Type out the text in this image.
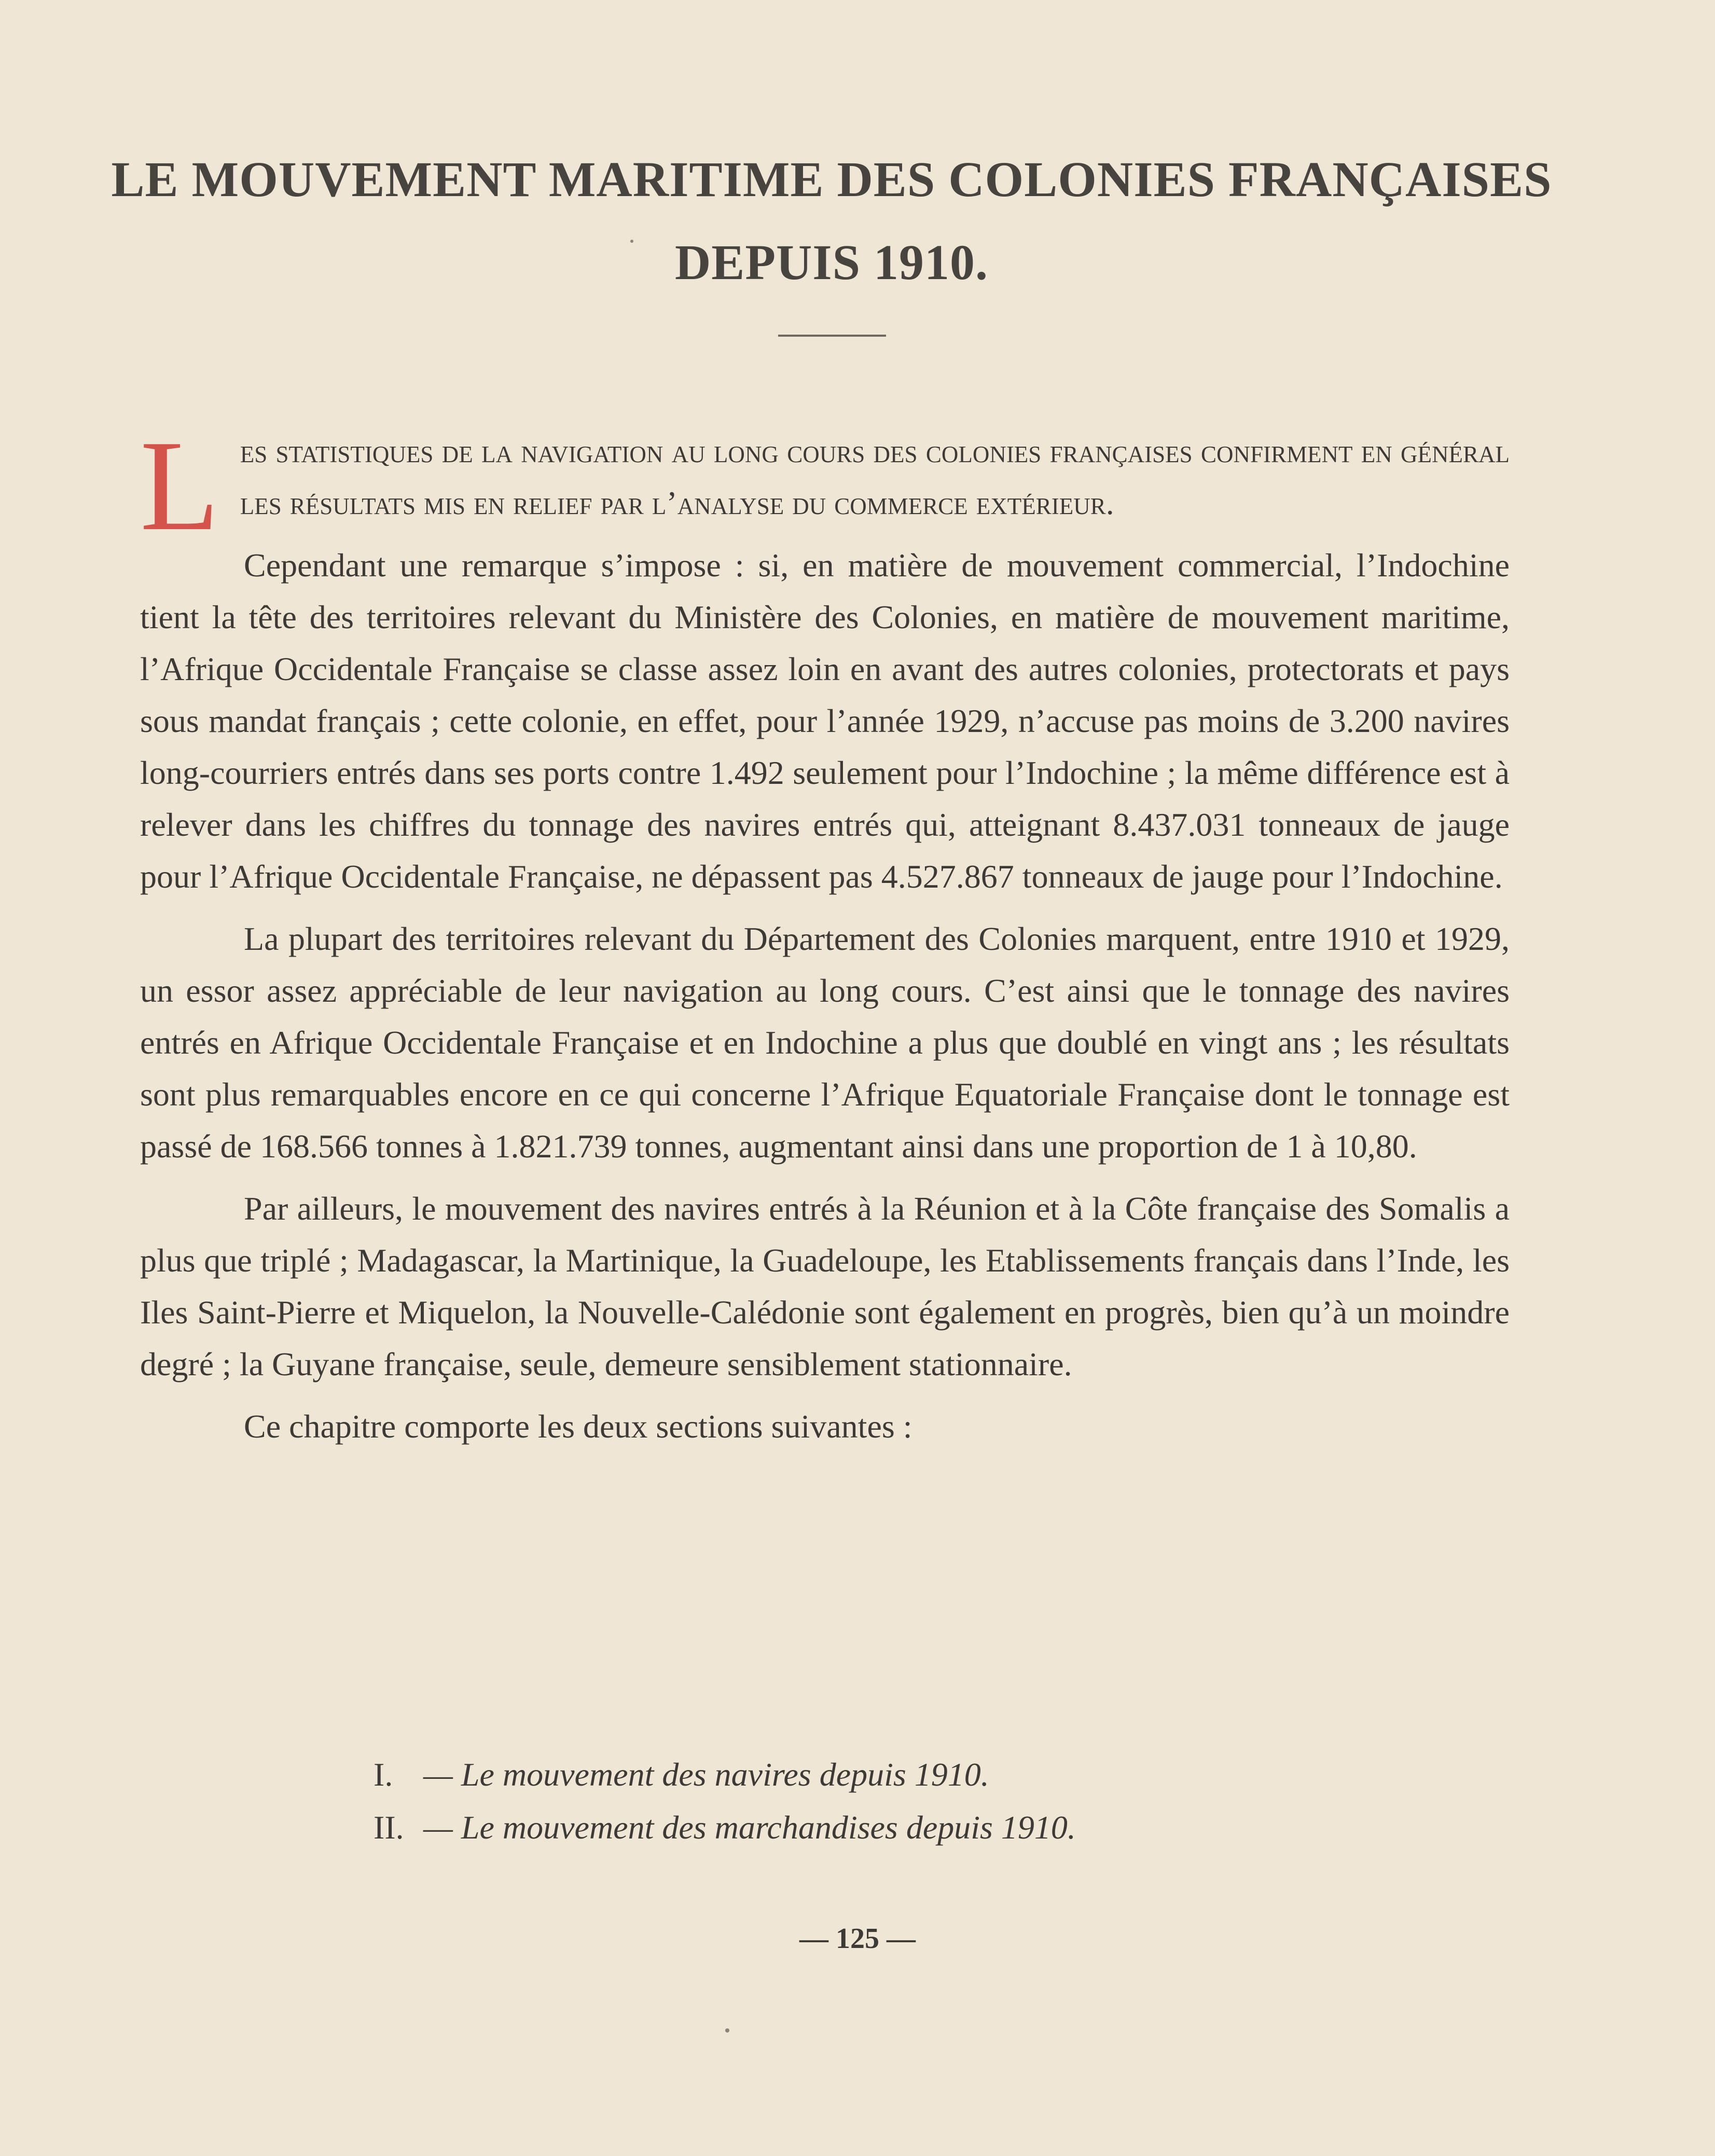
LE MOUVEMENT MARITIME DES COLONIES FRANÇAISES
DEPUIS 1910.

L es statistiques de la navigation au long cours des colonies françaises confirment en général les résultats mis en relief par l’analyse du commerce extérieur.

Cependant une remarque s’impose : si, en matière de mouvement commercial, l’Indochine tient la tête des territoires relevant du Ministère des Colonies, en matière de mouvement maritime, l’Afrique Occidentale Française se classe assez loin en avant des autres colonies, protectorats et pays sous mandat français ; cette colonie, en effet, pour l’année 1929, n’accuse pas moins de 3.200 navires long-courriers entrés dans ses ports contre 1.492 seulement pour l’Indochine ; la même différence est à relever dans les chiffres du tonnage des navires entrés qui, atteignant 8.437.031 tonneaux de jauge pour l’Afrique Occidentale Française, ne dépassent pas 4.527.867 tonneaux de jauge pour l’Indochine.

La plupart des territoires relevant du Département des Colonies marquent, entre 1910 et 1929, un essor assez appréciable de leur navigation au long cours. C’est ainsi que le tonnage des navires entrés en Afrique Occidentale Française et en Indochine a plus que doublé en vingt ans ; les résultats sont plus remarquables encore en ce qui concerne l’Afrique Equatoriale Française dont le tonnage est passé de 168.566 tonnes à 1.821.739 tonnes, augmentant ainsi dans une proportion de 1 à 10,80.

Par ailleurs, le mouvement des navires entrés à la Réunion et à la Côte française des Somalis a plus que triplé ; Madagascar, la Martinique, la Guadeloupe, les Etablissements français dans l’Inde, les Iles Saint-Pierre et Miquelon, la Nouvelle-Calédonie sont également en progrès, bien qu’à un moindre degré ; la Guyane française, seule, demeure sensiblement stationnaire.

Ce chapitre comporte les deux sections suivantes :

I. — Le mouvement des navires depuis 1910.
II. — Le mouvement des marchandises depuis 1910.
— 125 —
